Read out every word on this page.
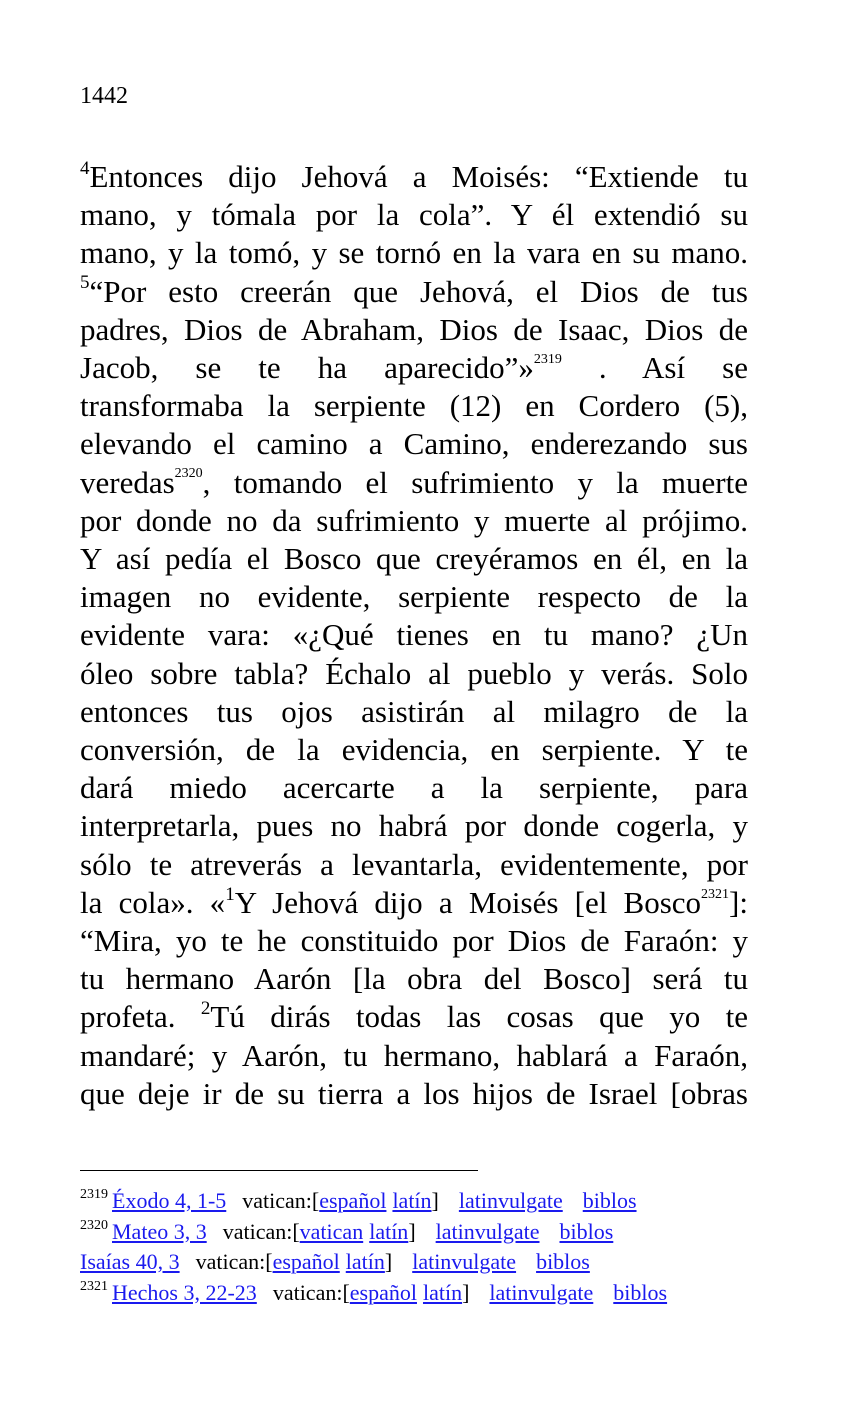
1442
$^4$Entonces dijo Jehová a Moisés: “Extiende tu
mano, y tómala por la cola”. Y él extendió su
mano, y la tomó, y se tornó en la vara en su mano.
$^5$“Por esto creerán que Jehová, el Dios de tus
padres, Dios de Abraham, Dios de Isaac, Dios de
Jacob, se te ha aparecido”»$^{2319}$ . Así se
transformaba la serpiente (12) en Cordero (5),
elevando el camino a Camino, enderezando sus
veredas$^{2320}$, tomando el sufrimiento y la muerte
por donde no da sufrimiento y muerte al prójimo.
Y así pedía el Bosco que creyéramos en él, en la
imagen no evidente, serpiente respecto de la
evidente vara: «¿Qué tienes en tu mano? ¿Un
óleo sobre tabla? Échalo al pueblo y verás. Solo
entonces tus ojos asistirán al milagro de la
conversión, de la evidencia, en serpiente. Y te
dará miedo acercarte a la serpiente, para
interpretarla, pues no habrá por donde cogerla, y
sólo te atreverás a levantarla, evidentemente, por
la cola». «$^1$Y Jehová dijo a Moisés [el Bosco$^{2321}$]:
“Mira, yo te he constituido por Dios de Faraón: y
tu hermano Aarón [la obra del Bosco] será tu
profeta. $^2$Tú dirás todas las cosas que yo te
mandaré; y Aarón, tu hermano, hablará a Faraón,
que deje ir de su tierra a los hijos de Israel [obras
$^{2319}$ Éxodo 4, 1-5 vatican:[español latín] latinvulgate biblos
$^{2320}$ Mateo 3, 3 vatican:[vatican latín] latinvulgate biblos
Isaías 40, 3 vatican:[español latín] latinvulgate biblos
$^{2321}$ Hechos 3, 22-23 vatican:[español latín] latinvulgate biblos
